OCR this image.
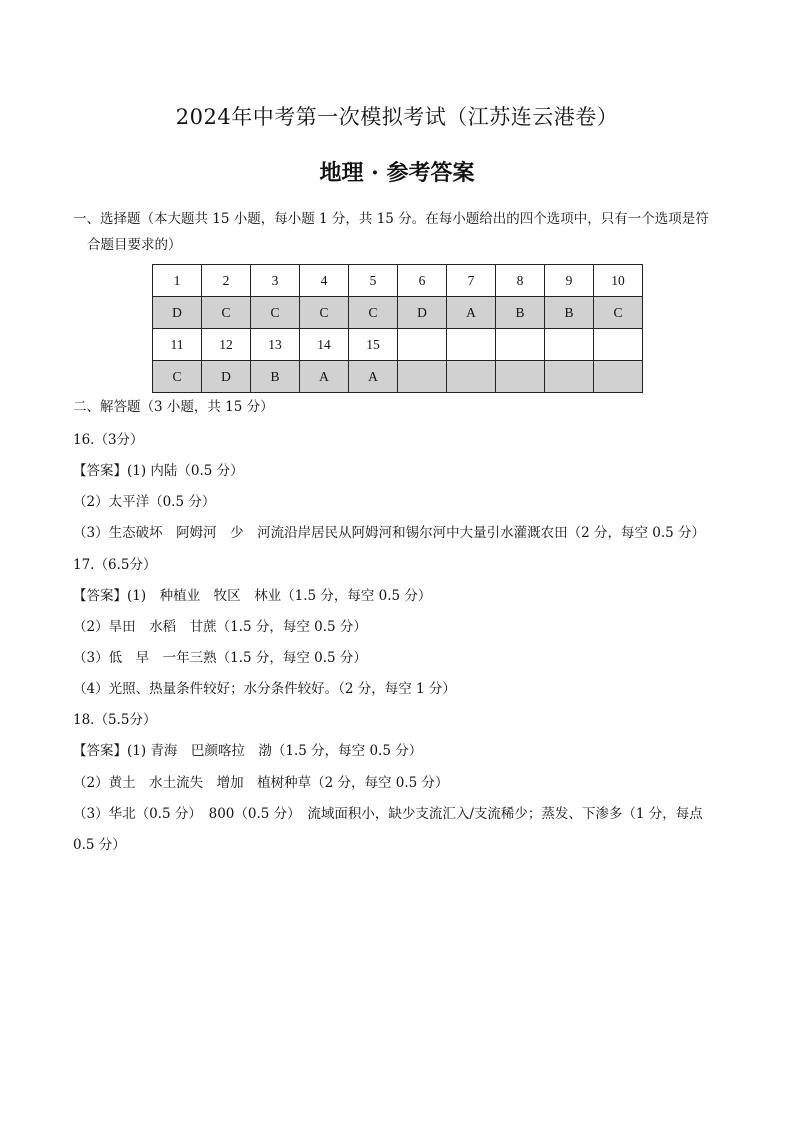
2024年中考第一次模拟考试（江苏连云港卷）
地理 · 参考答案
一、选择题（本大题共 15 小题，每小题 1 分，共 15 分。在每小题给出的四个选项中，只有一个选项是符
合题目要求的）
1	2	3	4	5	6	7	8	9	10
D	C	C	C	C	D	A	B	B	C
11	12	13	14	15					
C	D	B	A	A					
二、解答题（3 小题，共 15 分）
16.（3分）
【答案】(1) 内陆（0.5 分）
（2）太平洋（0.5 分）
（3）生态破坏　阿姆河　少　河流沿岸居民从阿姆河和锡尔河中大量引水灌溉农田（2 分，每空 0.5 分）
17.（6.5分）
【答案】(1)　种植业　牧区　林业（1.5 分，每空 0.5 分）
（2）旱田　水稻　甘蔗（1.5 分，每空 0.5 分）
（3）低　早　一年三熟（1.5 分，每空 0.5 分）
（4）光照、热量条件较好；水分条件较好。（2 分，每空 1 分）
18.（5.5分）
【答案】(1) 青海　巴颜喀拉　渤（1.5 分，每空 0.5 分）
（2）黄土　水土流失　增加　植树种草（2 分，每空 0.5 分）
（3）华北（0.5 分）　800（0.5 分）　流域面积小，缺少支流汇入/支流稀少；蒸发、下渗多（1 分，每点
0.5 分）
